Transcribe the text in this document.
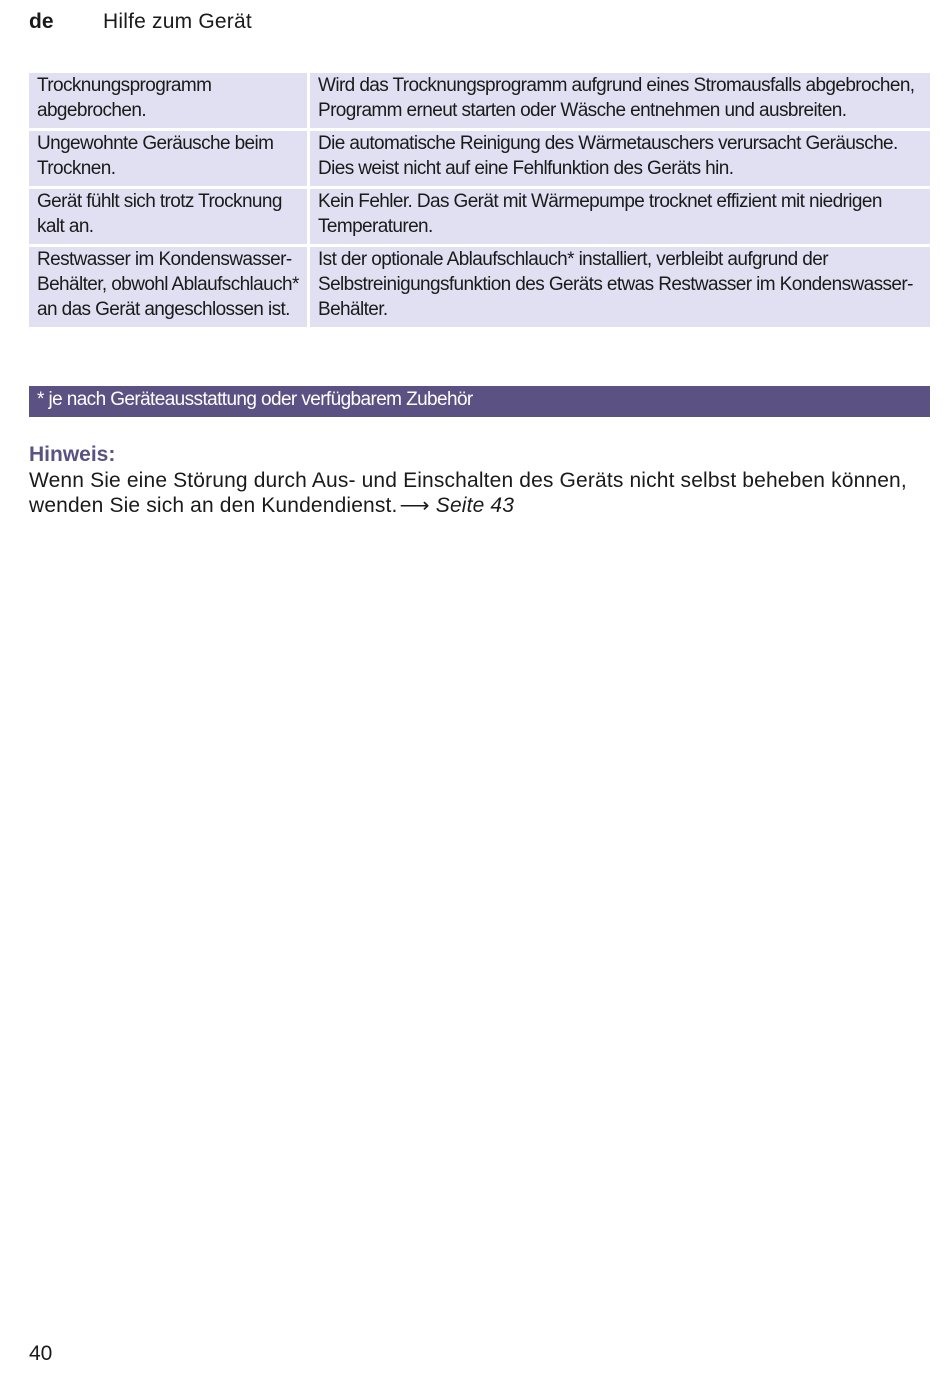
de	Hilfe zum Gerät
Trocknungsprogramm abgebrochen.	Wird das Trocknungsprogramm aufgrund eines Stromausfalls abgebrochen, Programm erneut starten oder Wäsche entnehmen und ausbreiten.
Ungewohnte Geräusche beim Trocknen.	Die automatische Reinigung des Wärmetauschers verursacht Geräusche. Dies weist nicht auf eine Fehlfunktion des Geräts hin.
Gerät fühlt sich trotz Trocknung kalt an.	Kein Fehler. Das Gerät mit Wärmepumpe trocknet effizient mit niedrigen Temperaturen.
Restwasser im Kondenswasser-Behälter, obwohl Ablaufschlauch* an das Gerät angeschlossen ist.	Ist der optionale Ablaufschlauch* installiert, verbleibt aufgrund der Selbstreinigungsfunktion des Geräts etwas Restwasser im Kondenswasser-Behälter.
* je nach Geräteausstattung oder verfügbarem Zubehör
Hinweis:
Wenn Sie eine Störung durch Aus- und Einschalten des Geräts nicht selbst beheben können, wenden Sie sich an den Kundendienst.⟶ Seite 43
40
